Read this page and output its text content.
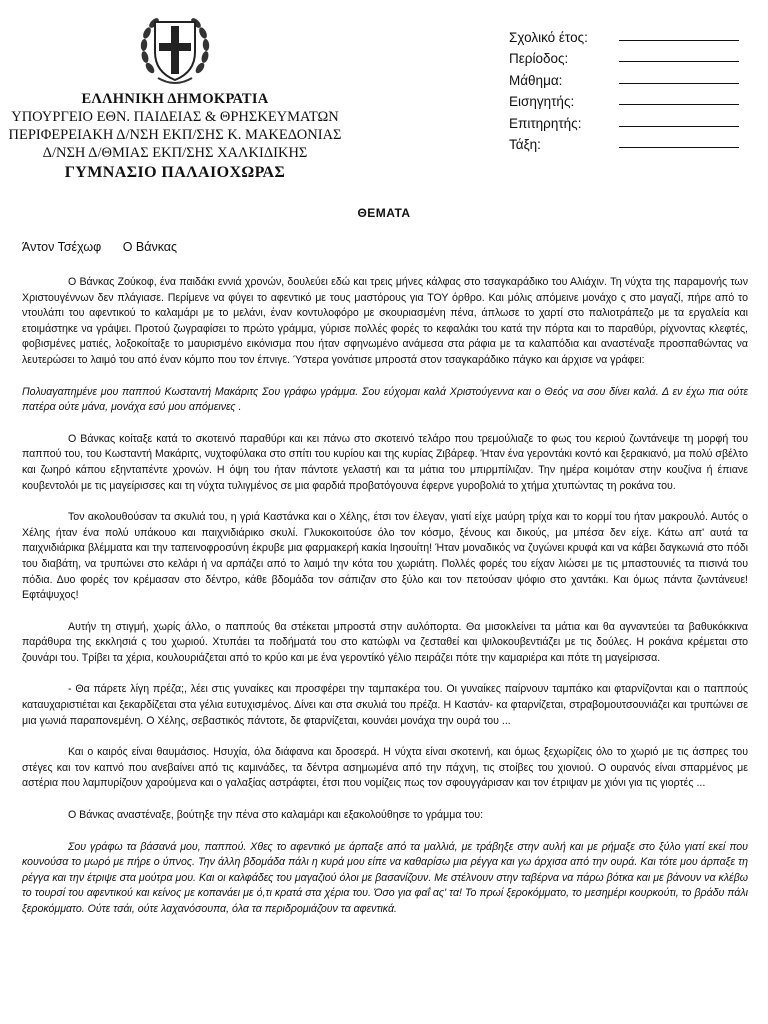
ΕΛΛΗΝΙΚΗ ΔΗΜΟΚΡΑΤΙΑ
ΥΠΟΥΡΓΕΙΟ ΕΘΝ. ΠΑΙΔΕΙΑΣ & ΘΡΗΣΚΕΥΜΑΤΩΝ
ΠΕΡΙΦΕΡΕΙΑΚΗ Δ/ΝΣΗ ΕΚΠ/ΣΗΣ Κ. ΜΑΚΕΔΟΝΙΑΣ
Δ/ΝΣΗ Δ/ΘΜΙΑΣ ΕΚΠ/ΣΗΣ ΧΑΛΚΙΔΙΚΗΣ
ΓΥΜΝΑΣΙΟ ΠΑΛΑΙΟΧΩΡΑΣ
Σχολικό έτος:
Περίοδος:
Μάθημα:
Εισηγητής:
Επιτηρητής:
Τάξη:
ΘΕΜΑΤΑ
Άντον Τσέχωφ Ο Βάνκας

Ο Βάνκας Ζούκοφ, ένα παιδάκι εννιά χρονών, δουλεύει εδώ και τρεις μήνες κάλφας στο τσαγκαράδικο του Αλιάχιν. Τη νύχτα της παραμονής των Χριστουγέννων δεν πλάγιασε. Περίμενε να φύγει το αφεντικό με τους μαστόρους για ΤΟΥ όρθρο. Και μόλις απόμεινε μονάχο ς στο μαγαζί, πήρε από το ντουλάπι του αφεντικού το καλαμάρι με το μελάνι, έναν κοντυλοφόρο με σκουριασμένη πένα, άπλωσε το χαρτί στο παλιοτράπεζο με τα εργαλεία και ετοιμάστηκε να γράψει. Προτού ζωγραφίσει το πρώτο γράμμα, γύρισε πολλές φορές το κεφαλάκι του κατά την πόρτα και το παραθύρι, ρίχνοντας κλεφτές, φοβισμένες ματιές, λοξοκοίταξε το μαυρισμένο εικόνισμα που ήταν σφηνωμένο ανάμεσα στα ράφια με τα καλαπόδια και αναστέναξε προσπαθώντας να λευτερώσει το λαιμό του από έναν κόμπο που τον έπνιγε. Ύστερα γονάτισε μπροστά στον τσαγκαράδικο πάγκο και άρχισε να γράφει:

Πολυαγαπημένε μου παππού Κωσταντή Μακάριτς Σου γράφω γράμμα. Σου εύχομαι καλά Χριστούγεννα και ο Θεός να σου δίνει καλά. Δ εν έχω πια ούτε πατέρα ούτε μάνα, μονάχα εσύ μου απόμεινες .

Ο Βάνκας κοίταξε κατά το σκοτεινό παραθύρι και κει πάνω στο σκοτεινό τελάρο που τρεμούλιαζε το φως του κεριού ζωντάνεψε τη μορφή του παππού του, του Κωσταντή Μακάριτς, νυχτοφύλακα στο σπίτι του κυρίου και της κυρίας Ζιβάρεφ. Ήταν ένα γεροντάκι κοντό και ξερακιανό, μα πολύ σβέλτο και ζωηρό κάπου εξηνταπέντε χρονών. Η όψη του ήταν πάντοτε γελαστή και τα μάτια του μπιρμπίλιζαν. Την ημέρα κοιμόταν στην κουζίνα ή έπιανε κουβεντολόι με τις μαγείρισσες και τη νύχτα τυλιγμένος σε μια φαρδιά προβατόγουνα έφερνε γυροβολιά το χτήμα χτυπώντας τη ροκάνα του.

Τον ακολουθούσαν τα σκυλιά του, η γριά Καστάνκα και ο Χέλης, έτσι τον έλεγαν, γιατί είχε μαύρη τρίχα και το κορμί του ήταν μακρουλό. Αυτός ο Χέλης ήταν ένα πολύ υπάκουο και παιχνιδιάρικο σκυλί. Γλυκοκοιτούσε όλο τον κόσμο, ξένους και δικούς, μα μπέσα δεν είχε. Κάτω απ' αυτά τα παιχνιδιάρικα βλέμματα και την ταπεινοφροσύνη έκρυβε μια φαρμακερή κακία Ιησουίτη! Ήταν μοναδικός να ζυγώνει κρυφά και να κάβει δαγκωνιά στο πόδι του διαβάτη, να τρυπώνει στο κελάρι ή να αρπάζει από το λαιμό την κότα του χωριάτη. Πολλές φορές του είχαν λιώσει με τις μπαστουνιές τα πισινά του πόδια. Δυο φορές τον κρέμασαν στο δέντρο, κάθε βδομάδα τον σάπιζαν στο ξύλο και τον πετούσαν ψόφιο στο χαντάκι. Και όμως πάντα ζωντάνευε! Εφτάψυχος!

Αυτήν τη στιγμή, χωρίς άλλο, ο παππούς θα στέκεται μπροστά στην αυλόπορτα. Θα μισοκλείνει τα μάτια και θα αγναντεύει τα βαθυκόκκινα παράθυρα της εκκλησιά ς του χωριού. Χτυπάει τα ποδήματά του στο κατώφλι να ζεσταθεί και ψιλοκουβεντιάζει με τις δούλες. Η ροκάνα κρέμεται στο ζουνάρι του. Τρίβει τα χέρια, κουλουριάζεται από το κρύο και με ένα γεροντίκό γέλιο πειράζει πότε την καμαριέρα και πότε τη μαγείρισσα.

- Θα πάρετε λίγη πρέζα;, λέει στις γυναίκες και προσφέρει την ταμπακέρα του. Οι γυναίκες παίρνουν ταμπάκο και φταρνίζονται και ο παππούς καταυχαριστιέται και ξεκαρδίζεται στα γέλια ευτυχισμένος. Δίνει και στα σκυλιά του πρέζα. Η Καστάν- κα φταρνίζεται, στραβομουτσουνιάζει και τρυπώνει σε μια γωνιά παραπονεμένη. Ο Χέλης, σεβαστικός πάντοτε, δε φταρνίζεται, κουνάει μονάχα την ουρά του ...

Και ο καιρός είναι θαυμάσιος. Ησυχία, όλα διάφανα και δροσερά. Η νύχτα είναι σκοτεινή, και όμως ξεχωρίζεις όλο το χωριό με τις άσπρες του στέγες και τον καπνό που ανεβαίνει από τις καμινάδες, τα δέντρα ασημωμένα από την πάχνη, τις στοίβες του χιονιού. Ο ουρανός είναι σπαρμένος με αστέρια που λαμπυρίζουν χαρούμενα και ο γαλαξίας αστράφτει, έτσι που νομίζεις πως τον σφουγγάρισαν και τον έτριψαν με χιόνι για τις γιορτές ...

Ο Βάνκας αναστέναξε, βούτηξε την πένα στο καλαμάρι και εξακολούθησε το γράμμα του:

Σου γράφω τα βάσανά μου, παππού. Χθες το αφεντικό με άρπαξε από τα μαλλιά, με τράβηξε στην αυλή και με ρήμαξε στο ξύλο γιατί εκεί που κουνούσα το μωρό με πήρε ο ύπνος. Την άλλη βδομάδα πάλι η κυρά μου είπε να καθαρίσω μια ρέγγα και γω άρχισα από την ουρά. Και τότε μου άρπαξε τη ρέγγα και την έτριψε στα μούτρα μου. Και οι καλφάδες του μαγαζιού όλοι με βασανίζουν. Με στέλνουν στην ταβέρνα να πάρω βότκα και με βάνουν να κλέβω το τουρσί του αφεντικού και κείνος με κοπανάει με ό,τι κρατά στα χέρια του. Όσο για φαΐ ας' τα! Το πρωί ξεροκόμματο, το μεσημέρι κουρκούτι, το βράδυ πάλι ξεροκόμματο. Ούτε τσάι, ούτε λαχανόσουπα, όλα τα περιδρομιάζουν τα αφεντικά.
